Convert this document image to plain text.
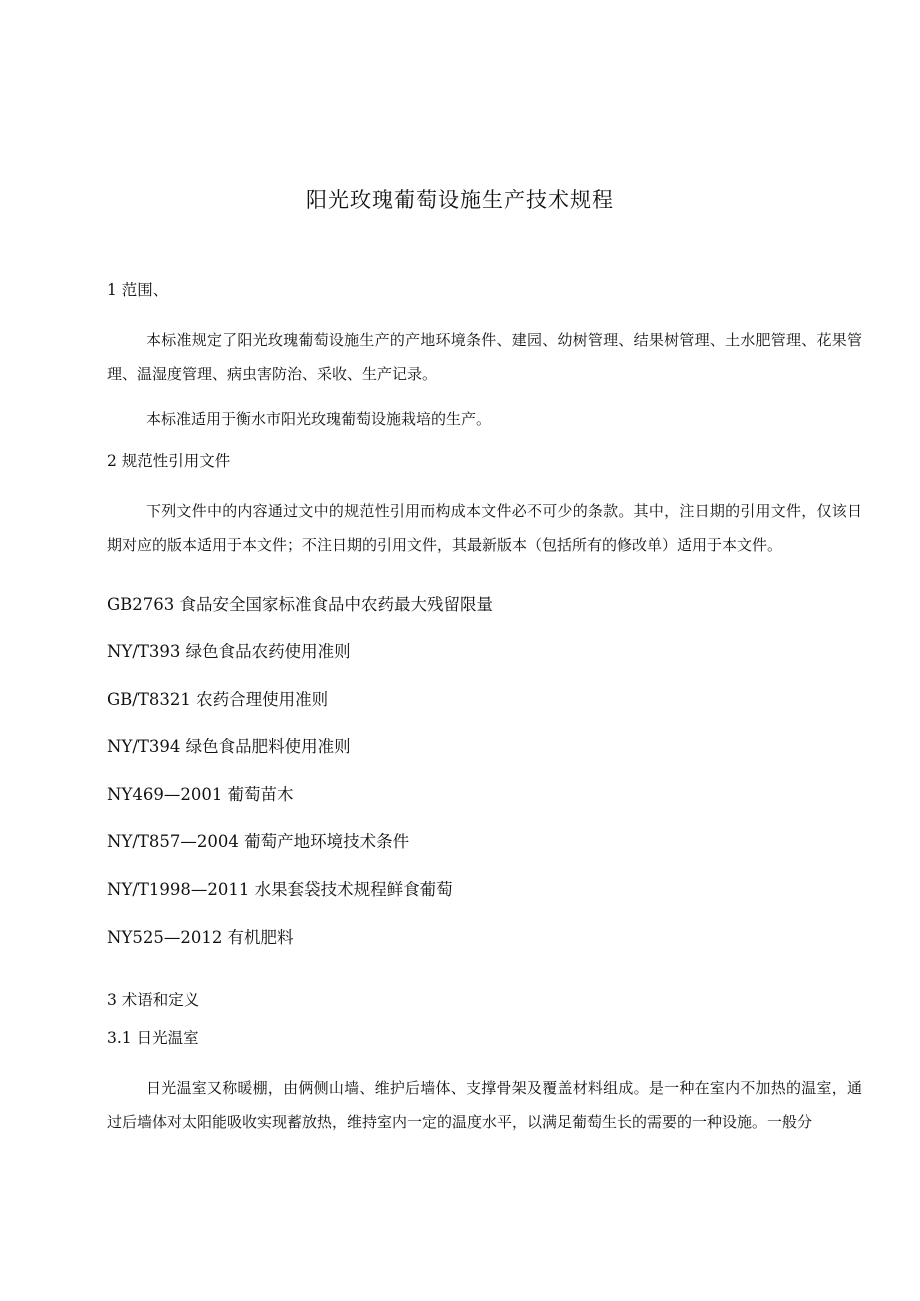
阳光玫瑰葡萄设施生产技术规程
1 范围、
本标准规定了阳光玫瑰葡萄设施生产的产地环境条件、建园、幼树管理、结果树管理、土水肥管理、花果管理、温湿度管理、病虫害防治、采收、生产记录。
本标准适用于衡水市阳光玫瑰葡萄设施栽培的生产。
2 规范性引用文件
下列文件中的内容通过文中的规范性引用而构成本文件必不可少的条款。其中，注日期的引用文件，仅该日期对应的版本适用于本文件；不注日期的引用文件，其最新版本（包括所有的修改单）适用于本文件。
GB2763 食品安全国家标准食品中农药最大残留限量
NY/T393 绿色食品农药使用准则
GB/T8321 农药合理使用准则
NY/T394 绿色食品肥料使用准则
NY469—2001 葡萄苗木
NY/T857—2004 葡萄产地环境技术条件
NY/T1998—2011 水果套袋技术规程鲜食葡萄
NY525—2012 有机肥料
3 术语和定义
3.1 日光温室
日光温室又称暖棚，由俩侧山墙、维护后墙体、支撑骨架及覆盖材料组成。是一种在室内不加热的温室，通过后墙体对太阳能吸收实现蓄放热，维持室内一定的温度水平，以满足葡萄生长的需要的一种设施。一般分
